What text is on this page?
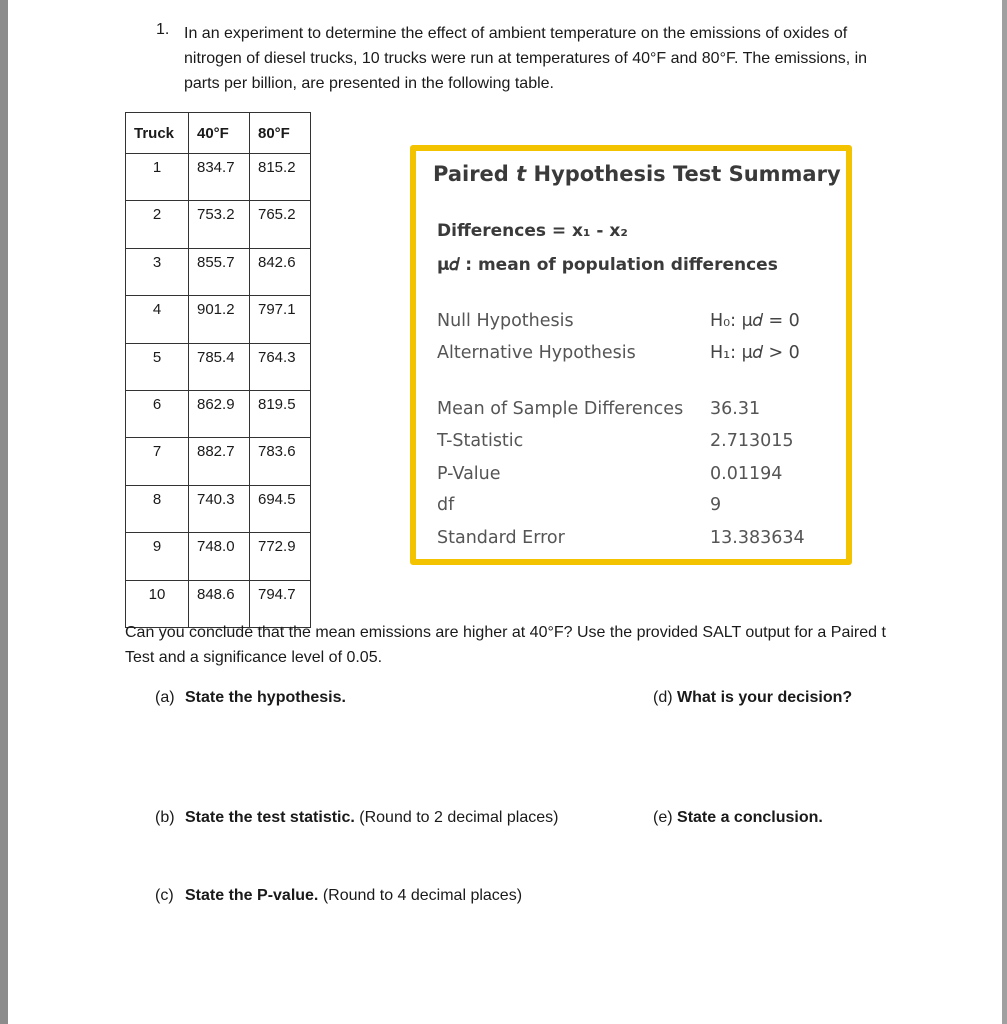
1. In an experiment to determine the effect of ambient temperature on the emissions of oxides of nitrogen of diesel trucks, 10 trucks were run at temperatures of 40°F and 80°F. The emissions, in parts per billion, are presented in the following table.

Truck	40°F	80°F
1	834.7	815.2
2	753.2	765.2
3	855.7	842.6
4	901.2	797.1
5	785.4	764.3
6	862.9	819.5
7	882.7	783.6
8	740.3	694.5
9	748.0	772.9
10	848.6	794.7
Paired t Hypothesis Test Summary
Differences = x₁ - x₂
μ𝑑 : mean of population differences
Null Hypothesis	H₀: μ𝑑 = 0
Alternative Hypothesis	H₁: μ𝑑 > 0
Mean of Sample Differences 36.31
T-Statistic	2.713015
P-Value	0.01194
df	9
Standard Error	13.383634

Can you conclude that the mean emissions are higher at 40°F? Use the provided SALT output for a Paired t Test and a significance level of 0.05.

(a) State the hypothesis.	(d) What is your decision?
(b) State the test statistic. (Round to 2 decimal places)	(e) State a conclusion.
(c) State the P-value. (Round to 4 decimal places)
